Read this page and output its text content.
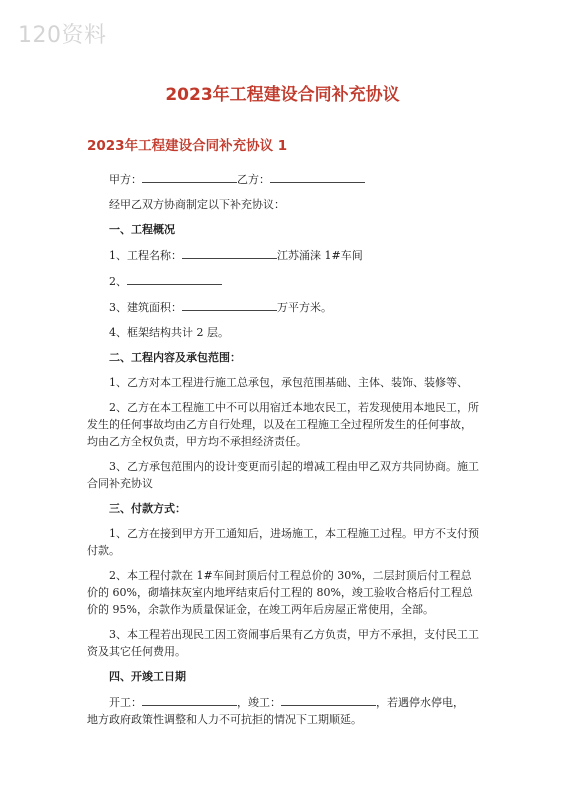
120资料
2023年工程建设合同补充协议
2023年工程建设合同补充协议 1

甲方：	乙方：

经甲乙双方协商制定以下补充协议：

一、工程概况

1、工程名称：	江苏涌涞 1#车间

2、

3、建筑面积：	万平方米。

4、框架结构共计 2 层。

二、工程内容及承包范围：

1、乙方对本工程进行施工总承包，承包范围基础、主体、装饰、装修等、

2、乙方在本工程施工中不可以用宿迁本地农民工，若发现使用本地民工，所发生的任何事故均由乙方自行处理，以及在工程施工全过程所发生的任何事故，均由乙方全权负责，甲方均不承担经济责任。

3、乙方承包范围内的设计变更而引起的增减工程由甲乙双方共同协商。施工合同补充协议

三、付款方式：

1、乙方在接到甲方开工通知后，进场施工，本工程施工过程。甲方不支付预付款。

2、本工程付款在 1#车间封顶后付工程总价的 30%，二层封顶后付工程总价的 60%，砌墙抹灰室内地坪结束后付工程的 80%，竣工验收合格后付工程总价的 95%，余款作为质量保证金，在竣工两年后房屋正常使用，全部。

3、本工程若出现民工因工资闹事后果有乙方负责，甲方不承担，支付民工工资及其它任何费用。

四、开竣工日期

开工：	，竣工：	，若遇停水停电，

地方政府政策性调整和人力不可抗拒的情况下工期顺延。
